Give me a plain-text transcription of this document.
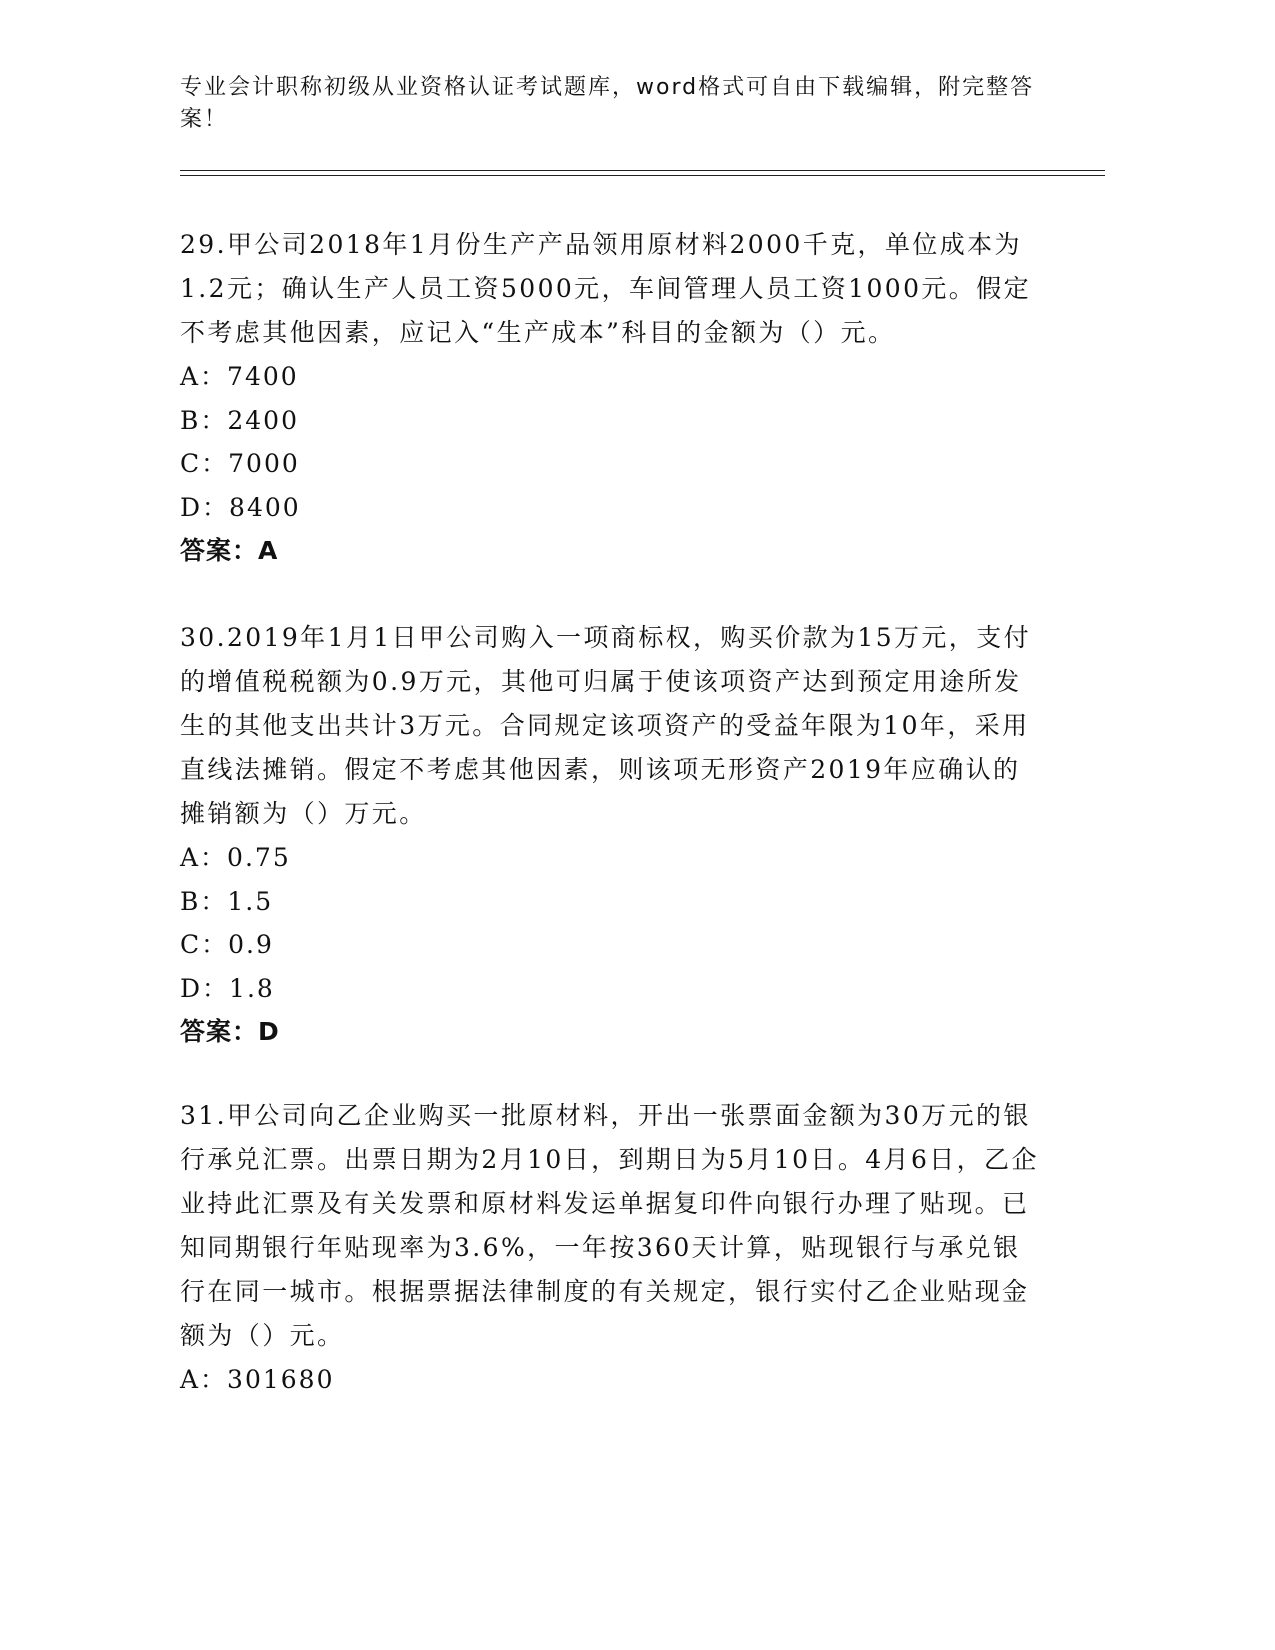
专业会计职称初级从业资格认证考试题库，word格式可自由下载编辑，附完整答案！

29.甲公司2018年1月份生产产品领用原材料2000千克，单位成本为1.2元；确认生产人员工资5000元，车间管理人员工资1000元。假定不考虑其他因素，应记入“生产成本”科目的金额为（）元。

A：7400

B：2400

C：7000

D：8400

答案：A

30.2019年1月1日甲公司购入一项商标权，购买价款为15万元，支付的增值税税额为0.9万元，其他可归属于使该项资产达到预定用途所发生的其他支出共计3万元。合同规定该项资产的受益年限为10年，采用直线法摊销。假定不考虑其他因素，则该项无形资产2019年应确认的摊销额为（）万元。

A：0.75

B：1.5

C：0.9

D：1.8

答案：D

31.甲公司向乙企业购买一批原材料，开出一张票面金额为30万元的银行承兑汇票。出票日期为2月10日，到期日为5月10日。4月6日，乙企业持此汇票及有关发票和原材料发运单据复印件向银行办理了贴现。已知同期银行年贴现率为3.6%，一年按360天计算，贴现银行与承兑银行在同一城市。根据票据法律制度的有关规定，银行实付乙企业贴现金额为（）元。

A：301680
